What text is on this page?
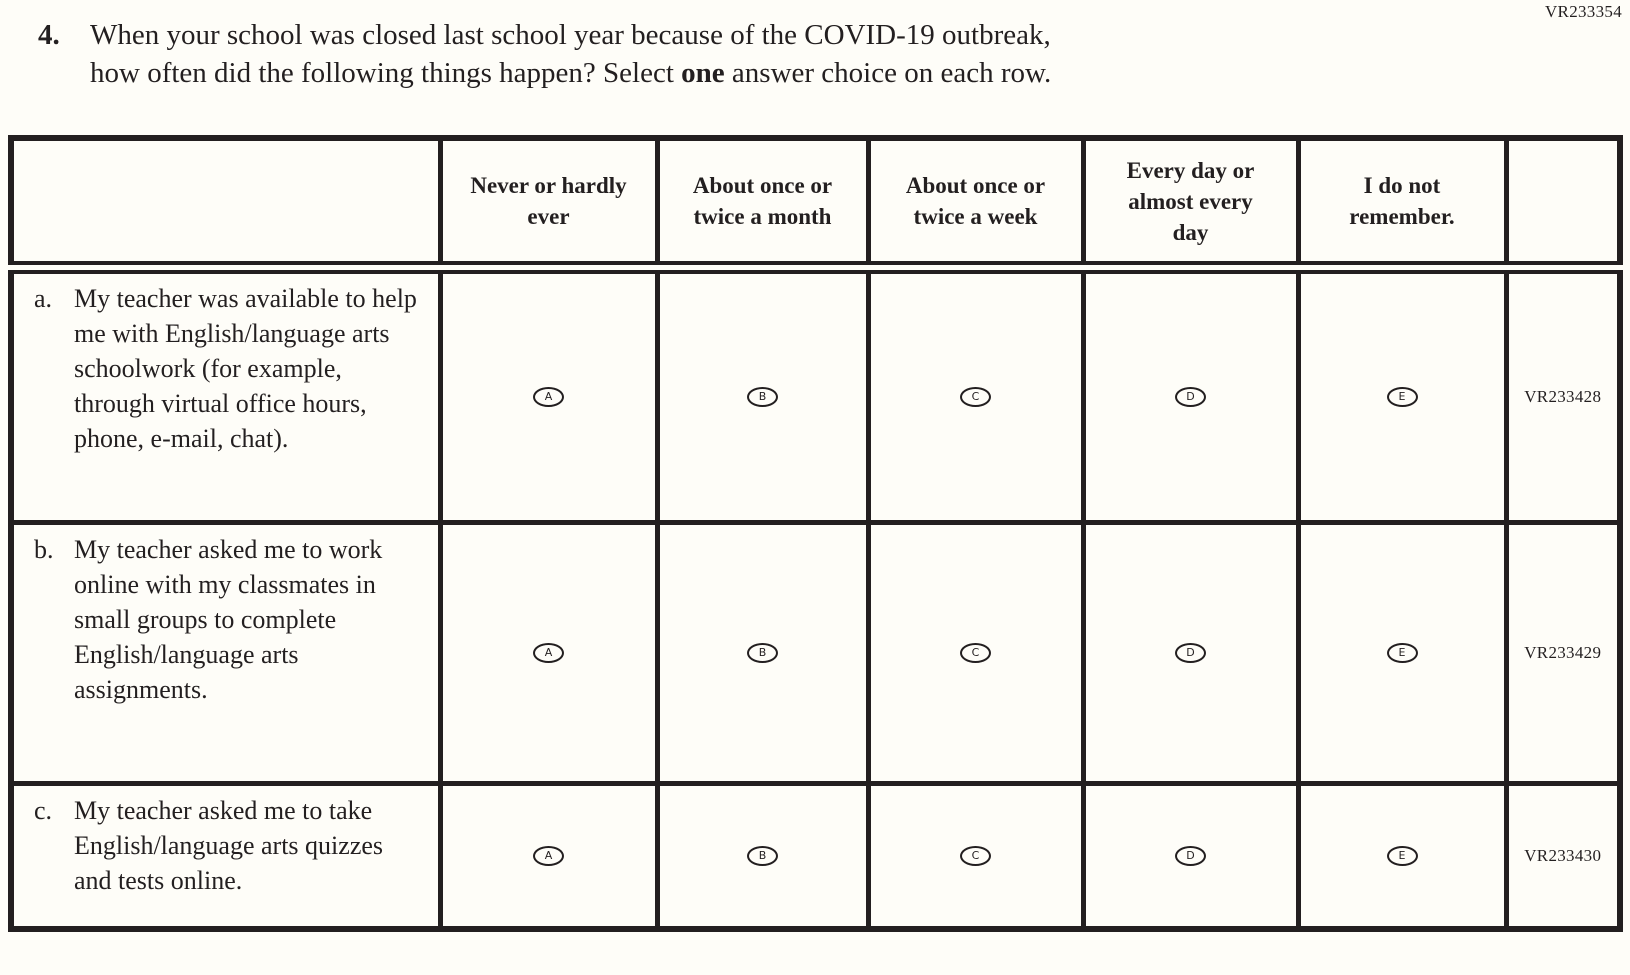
VR233354
4.	When your school was closed last school year because of the COVID-19 outbreak,
how often did the following things happen? Select one answer choice on each row.
	Never or hardly ever	About once or twice a month	About once or twice a week	Every day or almost every day	I do not remember.	

a. My teacher was available to help me with English/language arts schoolwork (for example, through virtual office hours, phone, e-mail, chat).	A	B	C	D	E	VR233428

b. My teacher asked me to work online with my classmates in small groups to complete English/language arts assignments.	A	B	C	D	E	VR233429

c. My teacher asked me to take English/language arts quizzes and tests online.	A	B	C	D	E	VR233430
